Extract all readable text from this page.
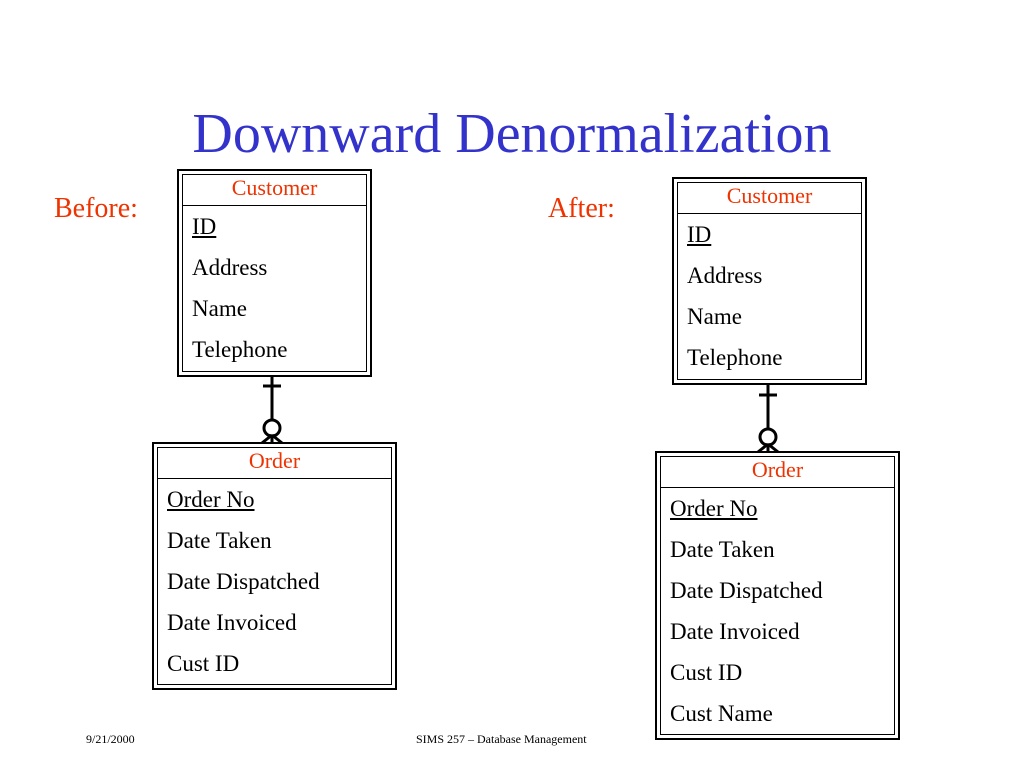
Downward Denormalization
Before:
Customer
ID
Address
Name
Telephone
Order
Order No
Date Taken
Date Dispatched
Date Invoiced
Cust ID
After:	Customer
ID
Address
Name
Telephone
Order
Order No
Date Taken
Date Dispatched
Date Invoiced
Cust ID
Cust Name
9/21/2000	SIMS 257 – Database Management
